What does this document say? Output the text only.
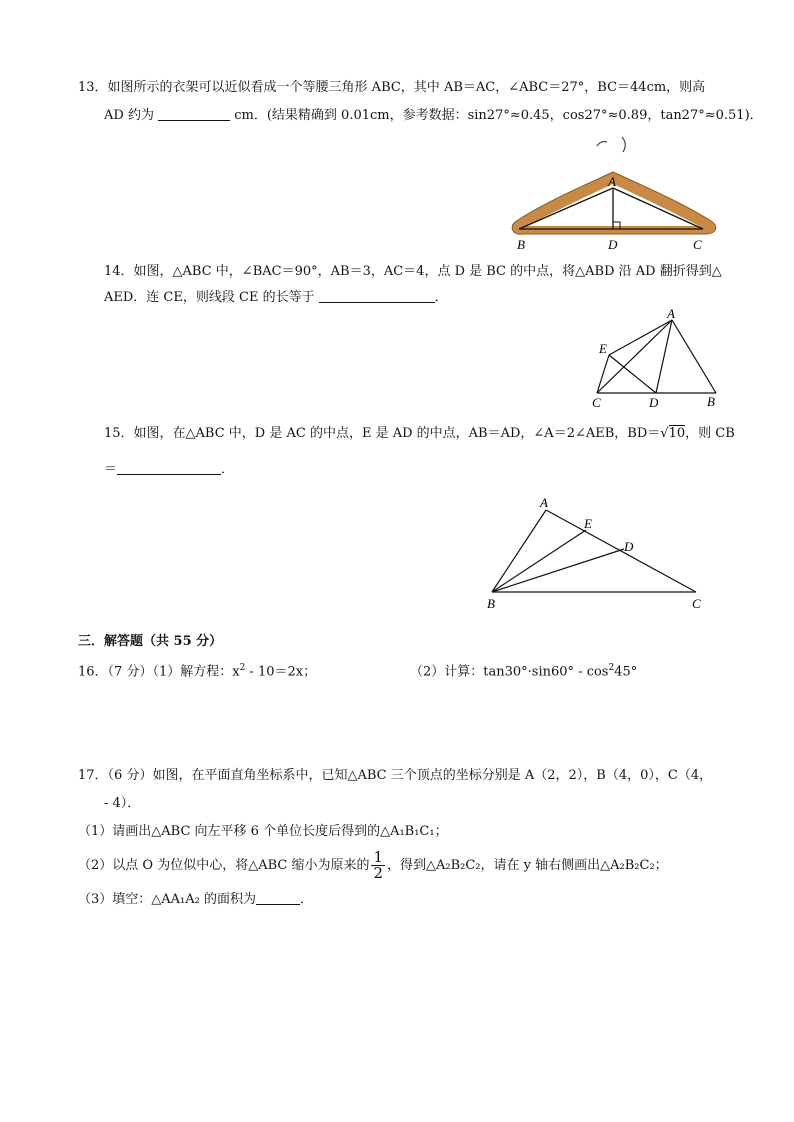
13．如图所示的衣架可以近似看成一个等腰三角形 ABC，其中 AB＝AC，∠ABC＝27°，BC＝44cm，则高
AD 约为	cm．(结果精确到 0.01cm，参考数据：sin27°≈0.45，cos27°≈0.89，tan27°≈0.51)．
A
B	D	C
14．如图，△ABC 中，∠BAC＝90°，AB＝3，AC＝4，点 D 是 BC 的中点，将△ABD 沿 AD 翻折得到△
AED．连 CE，则线段 CE 的长等于	．
A
E
C	D	B
15．如图，在△ABC 中，D 是 AC 的中点，E 是 AD 的中点，AB＝AD，∠A＝2∠AEB，BD＝√10，则 CB
＝	．
A
E
D
B	C
三．解答题（共 55 分）
16．（7 分）（1）解方程：$x^2 - 10=2x$；	（2）计算：$\tan 30^\circ\cdot\sin 60^\circ - \cos^245^\circ$
17．（6 分）如图，在平面直角坐标系中，已知△ABC 三个顶点的坐标分别是 A（2，2），B（4，0），C（4，
- 4）．
（1）请画出△ABC 向左平移 6 个单位长度后得到的△A₁B₁C₁；
（2）以点 O 为位似中心，将△ABC 缩小为原来的 $\frac{1}{2}$ ，得到△A₂B₂C₂，请在 y 轴右侧画出△A₂B₂C₂；
（3）填空：△AA₁A₂ 的面积为	．
